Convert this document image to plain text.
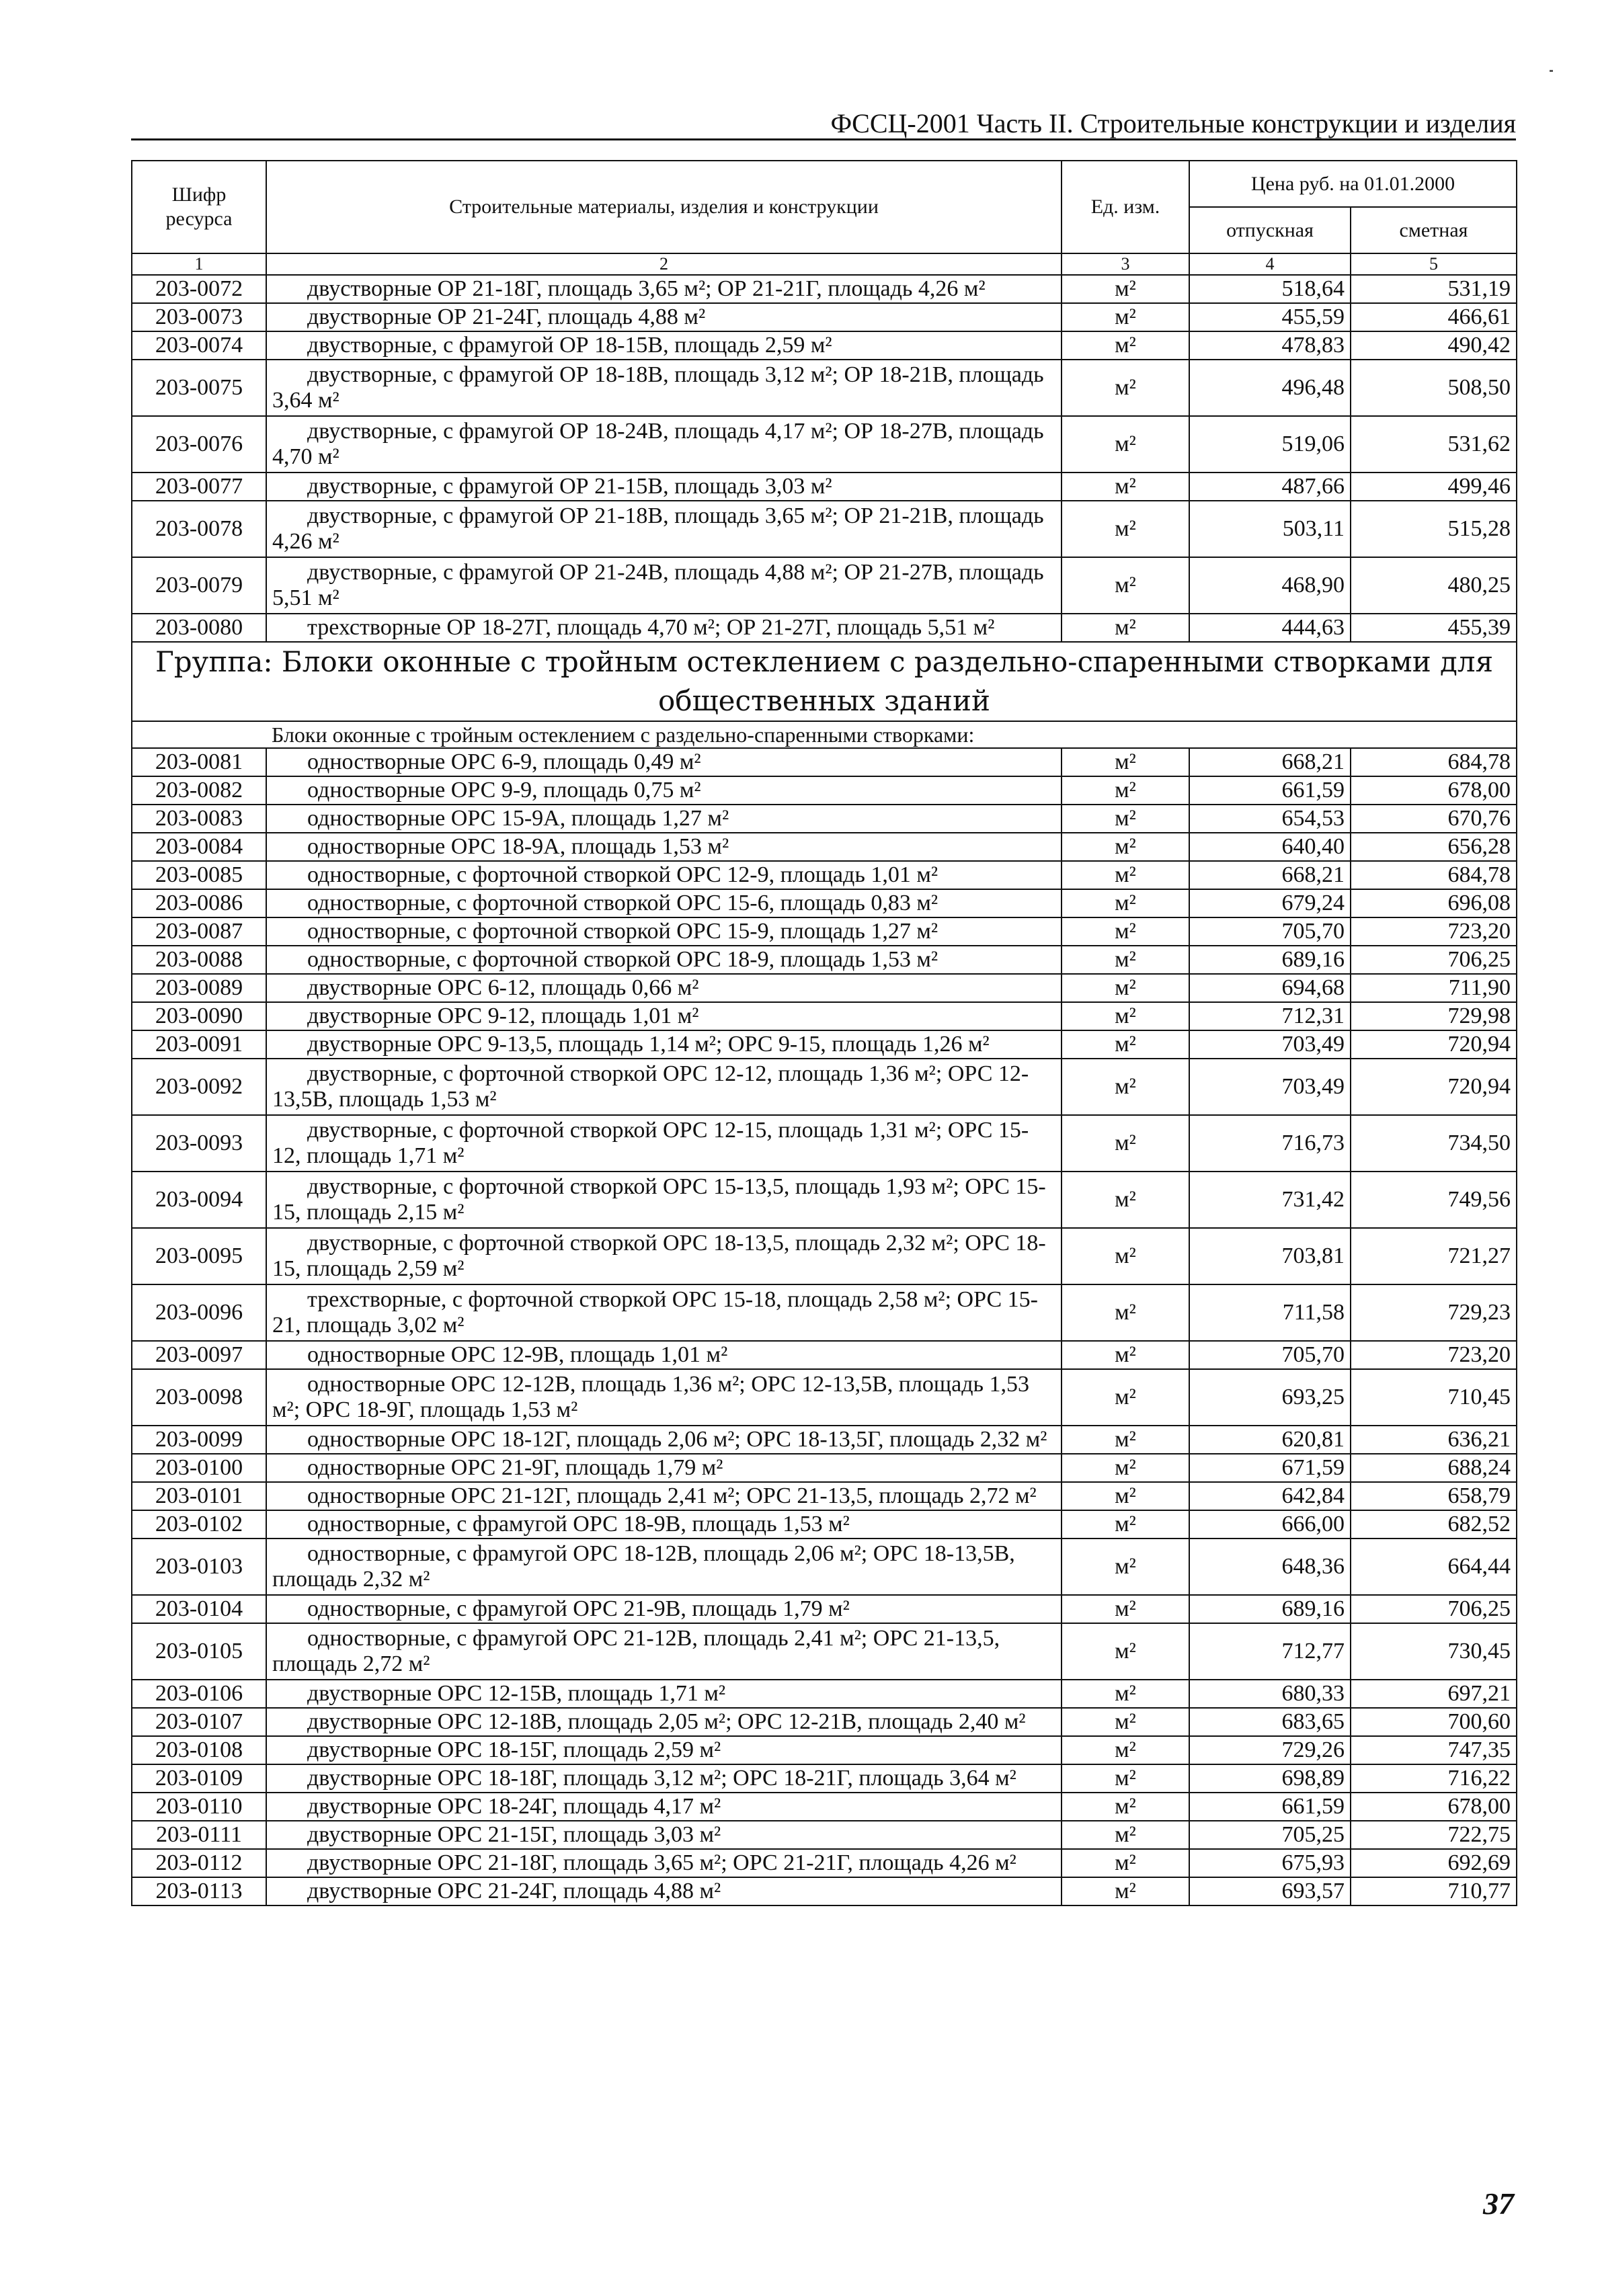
ФССЦ-2001 Часть II. Строительные конструкции и изделия
Шифр ресурса	Строительные материалы, изделия и конструкции	Ед. изм.	Цена руб. на 01.01.2000	
			отпускная	сметная
1	2	3	4	5
203-0072	двустворные ОР 21-18Г, площадь 3,65 м²; ОР 21-21Г, площадь 4,26 м²	м²	518,64	531,19
203-0073	двустворные ОР 21-24Г, площадь 4,88 м²	м²	455,59	466,61
203-0074	двустворные, с фрамугой ОР 18-15В, площадь 2,59 м²	м²	478,83	490,42
203-0075	двустворные, с фрамугой ОР 18-18В, площадь 3,12 м²; ОР 18-21В, площадь 3,64 м²	м²	496,48	508,50
203-0076	двустворные, с фрамугой ОР 18-24В, площадь 4,17 м²; ОР 18-27В, площадь 4,70 м²	м²	519,06	531,62
203-0077	двустворные, с фрамугой ОР 21-15В, площадь 3,03 м²	м²	487,66	499,46
203-0078	двустворные, с фрамугой ОР 21-18В, площадь 3,65 м²; ОР 21-21В, площадь 4,26 м²	м²	503,11	515,28
203-0079	двустворные, с фрамугой ОР 21-24В, площадь 4,88 м²; ОР 21-27В, площадь 5,51 м²	м²	468,90	480,25
203-0080	трехстворные ОР 18-27Г, площадь 4,70 м²; ОР 21-27Г, площадь 5,51 м²	м²	444,63	455,39
Группа: Блоки оконные с тройным остеклением с раздельно-спаренными створками для общественных зданий				
	Блоки оконные с тройным остеклением с раздельно-спаренными створками:			
203-0081	одностворные ОРС 6-9, площадь 0,49 м²	м²	668,21	684,78
203-0082	одностворные ОРС 9-9, площадь 0,75 м²	м²	661,59	678,00
203-0083	одностворные ОРС 15-9А, площадь 1,27 м²	м²	654,53	670,76
203-0084	одностворные ОРС 18-9А, площадь 1,53 м²	м²	640,40	656,28
203-0085	одностворные, с форточной створкой ОРС 12-9, площадь 1,01 м²	м²	668,21	684,78
203-0086	одностворные, с форточной створкой ОРС 15-6, площадь 0,83 м²	м²	679,24	696,08
203-0087	одностворные, с форточной створкой ОРС 15-9, площадь 1,27 м²	м²	705,70	723,20
203-0088	одностворные, с форточной створкой ОРС 18-9, площадь 1,53 м²	м²	689,16	706,25
203-0089	двустворные ОРС 6-12, площадь 0,66 м²	м²	694,68	711,90
203-0090	двустворные ОРС 9-12, площадь 1,01 м²	м²	712,31	729,98
203-0091	двустворные ОРС 9-13,5, площадь 1,14 м²; ОРС 9-15, площадь 1,26 м²	м²	703,49	720,94
203-0092	двустворные, с форточной створкой ОРС 12-12, площадь 1,36 м²; ОРС 12-13,5В, площадь 1,53 м²	м²	703,49	720,94
203-0093	двустворные, с форточной створкой ОРС 12-15, площадь 1,31 м²; ОРС 15-12, площадь 1,71 м²	м²	716,73	734,50
203-0094	двустворные, с форточной створкой ОРС 15-13,5, площадь 1,93 м²; ОРС 15-15, площадь 2,15 м²	м²	731,42	749,56
203-0095	двустворные, с форточной створкой ОРС 18-13,5, площадь 2,32 м²; ОРС 18-15, площадь 2,59 м²	м²	703,81	721,27
203-0096	трехстворные, с форточной створкой ОРС 15-18, площадь 2,58 м²; ОРС 15-21, площадь 3,02 м²	м²	711,58	729,23
203-0097	одностворные ОРС 12-9В, площадь 1,01 м²	м²	705,70	723,20
203-0098	одностворные ОРС 12-12В, площадь 1,36 м²; ОРС 12-13,5В, площадь 1,53 м²; ОРС 18-9Г, площадь 1,53 м²	м²	693,25	710,45
203-0099	одностворные ОРС 18-12Г, площадь 2,06 м²; ОРС 18-13,5Г, площадь 2,32 м²	м²	620,81	636,21
203-0100	одностворные ОРС 21-9Г, площадь 1,79 м²	м²	671,59	688,24
203-0101	одностворные ОРС 21-12Г, площадь 2,41 м²; ОРС 21-13,5, площадь 2,72 м²	м²	642,84	658,79
203-0102	одностворные, с фрамугой ОРС 18-9В, площадь 1,53 м²	м²	666,00	682,52
203-0103	одностворные, с фрамугой ОРС 18-12В, площадь 2,06 м²; ОРС 18-13,5В, площадь 2,32 м²	м²	648,36	664,44
203-0104	одностворные, с фрамугой ОРС 21-9В, площадь 1,79 м²	м²	689,16	706,25
203-0105	одностворные, с фрамугой ОРС 21-12В, площадь 2,41 м²; ОРС 21-13,5, площадь 2,72 м²	м²	712,77	730,45
203-0106	двустворные ОРС 12-15В, площадь 1,71 м²	м²	680,33	697,21
203-0107	двустворные ОРС 12-18В, площадь 2,05 м²; ОРС 12-21В, площадь 2,40 м²	м²	683,65	700,60
203-0108	двустворные ОРС 18-15Г, площадь 2,59 м²	м²	729,26	747,35
203-0109	двустворные ОРС 18-18Г, площадь 3,12 м²; ОРС 18-21Г, площадь 3,64 м²	м²	698,89	716,22
203-0110	двустворные ОРС 18-24Г, площадь 4,17 м²	м²	661,59	678,00
203-0111	двустворные ОРС 21-15Г, площадь 3,03 м²	м²	705,25	722,75
203-0112	двустворные ОРС 21-18Г, площадь 3,65 м²; ОРС 21-21Г, площадь 4,26 м²	м²	675,93	692,69
203-0113	двустворные ОРС 21-24Г, площадь 4,88 м²	м²	693,57	710,77
37
